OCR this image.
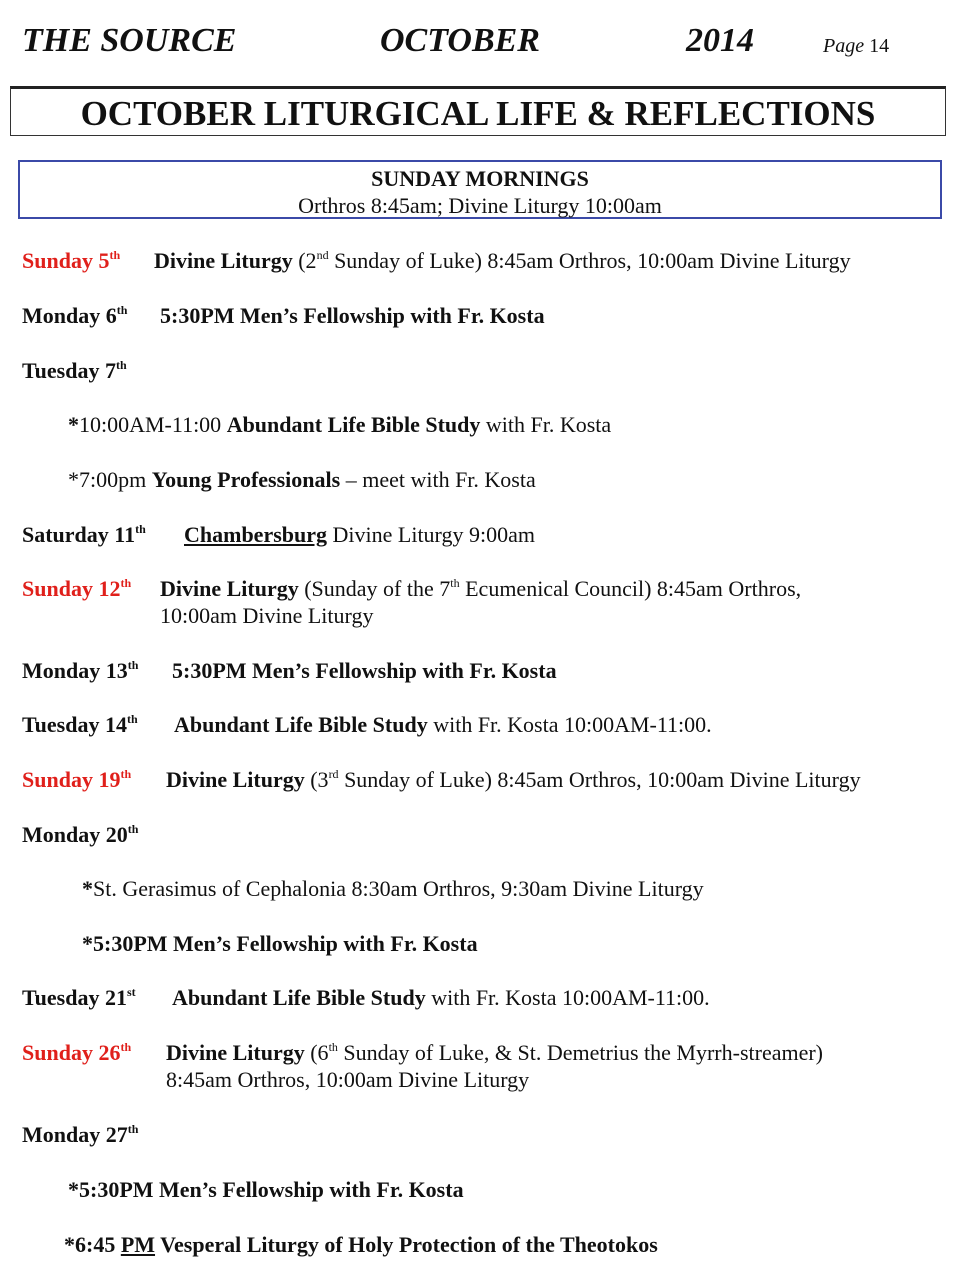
THE SOURCE	OCTOBER	2014	Page 14
OCTOBER LITURGICAL LIFE & REFLECTIONS
SUNDAY MORNINGS
Orthros 8:45am; Divine Liturgy 10:00am
Sunday 5th Divine Liturgy (2nd Sunday of Luke) 8:45am Orthros, 10:00am Divine Liturgy
Monday 6th 5:30PM Men’s Fellowship with Fr. Kosta
Tuesday 7th
*10:00AM-11:00 Abundant Life Bible Study with Fr. Kosta
*7:00pm Young Professionals – meet with Fr. Kosta
Saturday 11th Chambersburg Divine Liturgy 9:00am
Sunday 12th Divine Liturgy (Sunday of the 7th Ecumenical Council) 8:45am Orthros,
10:00am Divine Liturgy
Monday 13th 5:30PM Men’s Fellowship with Fr. Kosta
Tuesday 14th Abundant Life Bible Study with Fr. Kosta 10:00AM-11:00.
Sunday 19th Divine Liturgy (3rd Sunday of Luke) 8:45am Orthros, 10:00am Divine Liturgy
Monday 20th
*St. Gerasimus of Cephalonia 8:30am Orthros, 9:30am Divine Liturgy
*5:30PM Men’s Fellowship with Fr. Kosta
Tuesday 21st Abundant Life Bible Study with Fr. Kosta 10:00AM-11:00.
Sunday 26th Divine Liturgy (6th Sunday of Luke, & St. Demetrius the Myrrh-streamer)
8:45am Orthros, 10:00am Divine Liturgy
Monday 27th
*5:30PM Men’s Fellowship with Fr. Kosta
*6:45 PM Vesperal Liturgy of Holy Protection of the Theotokos
